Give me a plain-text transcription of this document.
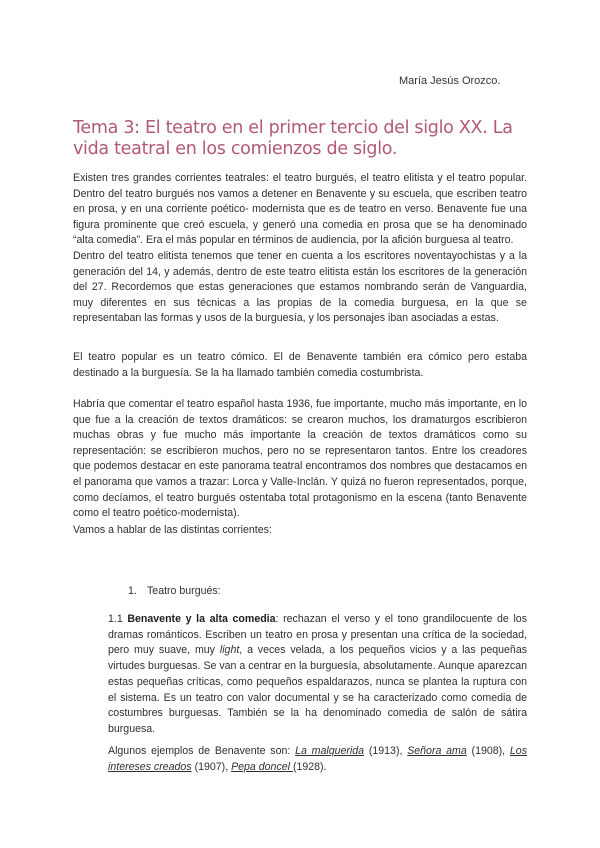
María Jesús Orozco.
Tema 3: El teatro en el primer tercio del siglo XX. La vida teatral en los comienzos de siglo.
Existen tres grandes corrientes teatrales: el teatro burgués, el teatro elitista y el teatro popular. Dentro del teatro burgués nos vamos a detener en Benavente y su escuela, que escriben teatro en prosa, y en una corriente poético- modernista que es de teatro en verso. Benavente fue una figura prominente que creó escuela, y generó una comedia en prosa que se ha denominado “alta comedia”. Era el más popular en términos de audiencia, por la afición burguesa al teatro.
Dentro del teatro elitista tenemos que tener en cuenta a los escritores noventayochistas y a la generación del 14, y además, dentro de este teatro elitista están los escritores de la generación del 27. Recordemos que estas generaciones que estamos nombrando serán de Vanguardia, muy diferentes en sus técnicas a las propias de la comedia burguesa, en la que se representaban las formas y usos de la burguesía, y los personajes iban asociadas a estas.
El teatro popular es un teatro cómico. El de Benavente también era cómico pero estaba destinado a la burguesía. Se la ha llamado también comedia costumbrista.
Habría que comentar el teatro español hasta 1936, fue importante, mucho más importante, en lo que fue a la creación de textos dramáticos: se crearon muchos, los dramaturgos escribieron muchas obras y fue mucho más importante la creación de textos dramáticos como su representación: se escribieron muchos, pero no se representaron tantos. Entre los creadores que podemos destacar en este panorama teatral encontramos dos nombres que destacamos en el panorama que vamos a trazar: Lorca y Valle-Inclán. Y quizá no fueron representados, porque, como decíamos, el teatro burgués ostentaba total protagonismo en la escena (tanto Benavente como el teatro poético-modernista).
Vamos a hablar de las distintas corrientes:
1. Teatro burgués:
1.1 Benavente y la alta comedia: rechazan el verso y el tono grandilocuente de los dramas románticos. Escriben un teatro en prosa y presentan una crítica de la sociedad, pero muy suave, muy light, a veces velada, a los pequeños vicios y a las pequeñas virtudes burguesas. Se van a centrar en la burguesía, absolutamente. Aunque aparezcan estas pequeñas críticas, como pequeños espaldarazos, nunca se plantea la ruptura con el sistema. Es un teatro con valor documental y se ha caracterizado como comedia de costumbres burguesas. También se la ha denominado comedia de salón de sátira burguesa.
Algunos ejemplos de Benavente son: La malquerida (1913), Señora ama (1908), Los intereses creados (1907), Pepa doncel (1928).
